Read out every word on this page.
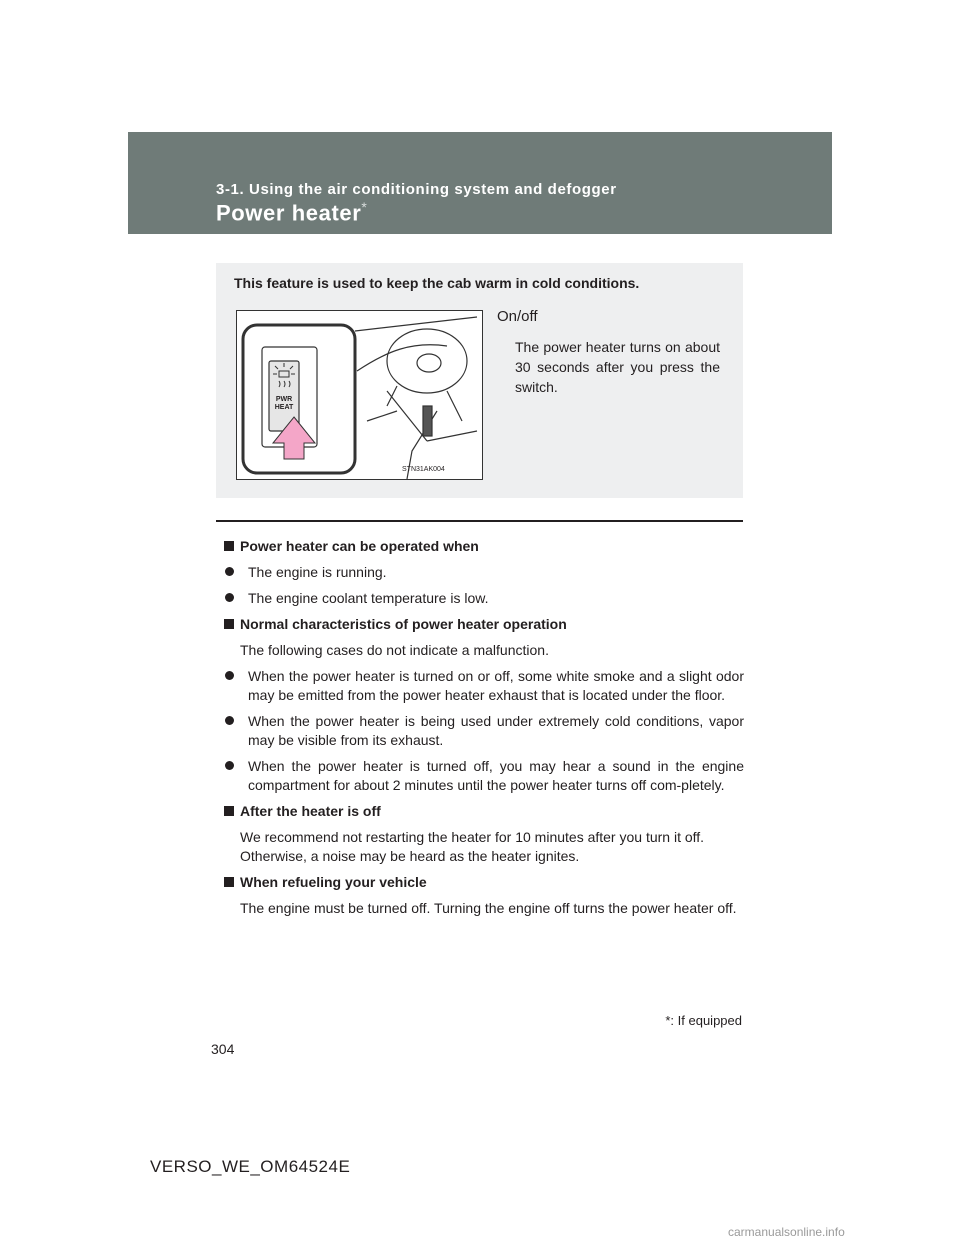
3-1. Using the air conditioning system and defogger
Power heater*
This feature is used to keep the cab warm in cold conditions.
PWR
HEAT
STN31AK004
On/off
The power heater turns on about 30 seconds after you press the switch.

Power heater can be operated when

The engine is running.

The engine coolant temperature is low.

Normal characteristics of power heater operation

The following cases do not indicate a malfunction.

When the power heater is turned on or off, some white smoke and a slight odor may be emitted from the power heater exhaust that is located under the floor.

When the power heater is being used under extremely cold conditions, vapor may be visible from its exhaust.

When the power heater is turned off, you may hear a sound in the engine compartment for about 2 minutes until the power heater turns off com-pletely.

After the heater is off

We recommend not restarting the heater for 10 minutes after you turn it off. Otherwise, a noise may be heard as the heater ignites.

When refueling your vehicle

The engine must be turned off. Turning the engine off turns the power heater off.

*: If equipped
304
VERSO_WE_OM64524E
carmanualsonline.info
